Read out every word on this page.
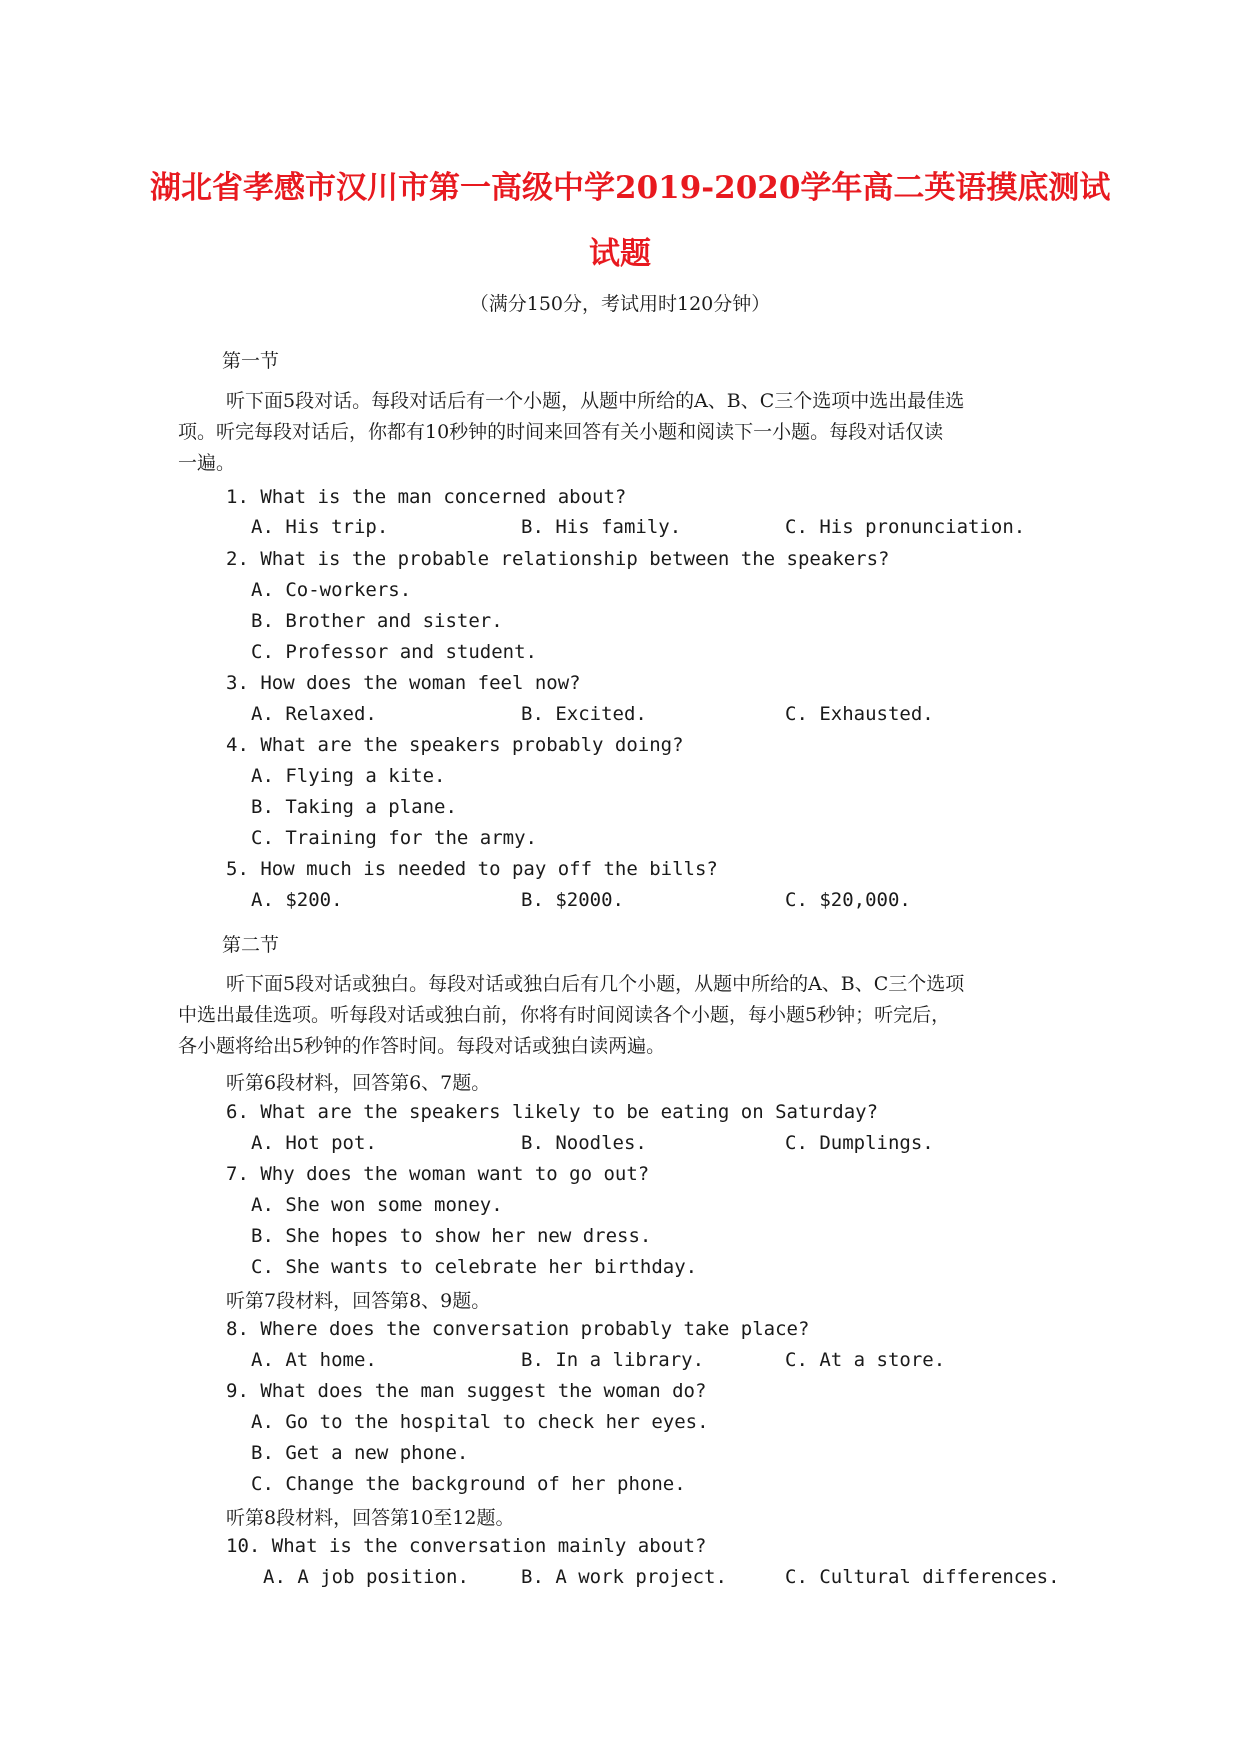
湖北省孝感市汉川市第一高级中学2019-2020学年高二英语摸底测试
试题
（满分150分，考试用时120分钟）
第一节
听下面5段对话。每段对话后有一个小题，从题中所给的A、B、C三个选项中选出最佳选
项。听完每段对话后，你都有10秒钟的时间来回答有关小题和阅读下一小题。每段对话仅读
一遍。
1. What is the man concerned about?
A. His trip.	B. His family.	C. His pronunciation.
2. What is the probable relationship between the speakers?
A. Co-workers.
B. Brother and sister.
C. Professor and student.
3. How does the woman feel now?
A. Relaxed.	B. Excited.	C. Exhausted.
4. What are the speakers probably doing?
A. Flying a kite.
B. Taking a plane.
C. Training for the army.
5. How much is needed to pay off the bills?
A. $200.	B. $2000.	C. $20,000.
第二节
听下面5段对话或独白。每段对话或独白后有几个小题，从题中所给的A、B、C三个选项
中选出最佳选项。听每段对话或独白前，你将有时间阅读各个小题，每小题5秒钟；听完后，
各小题将给出5秒钟的作答时间。每段对话或独白读两遍。
听第6段材料，回答第6、7题。
6. What are the speakers likely to be eating on Saturday?
A. Hot pot.	B. Noodles.	C. Dumplings.
7. Why does the woman want to go out?
A. She won some money.
B. She hopes to show her new dress.
C. She wants to celebrate her birthday.
听第7段材料，回答第8、9题。
8. Where does the conversation probably take place?
A. At home.	B. In a library.	C. At a store.
9. What does the man suggest the woman do?
A. Go to the hospital to check her eyes.
B. Get a new phone.
C. Change the background of her phone.
听第8段材料，回答第10至12题。
10. What is the conversation mainly about?
A. A job position.	B. A work project.	C. Cultural differences.
